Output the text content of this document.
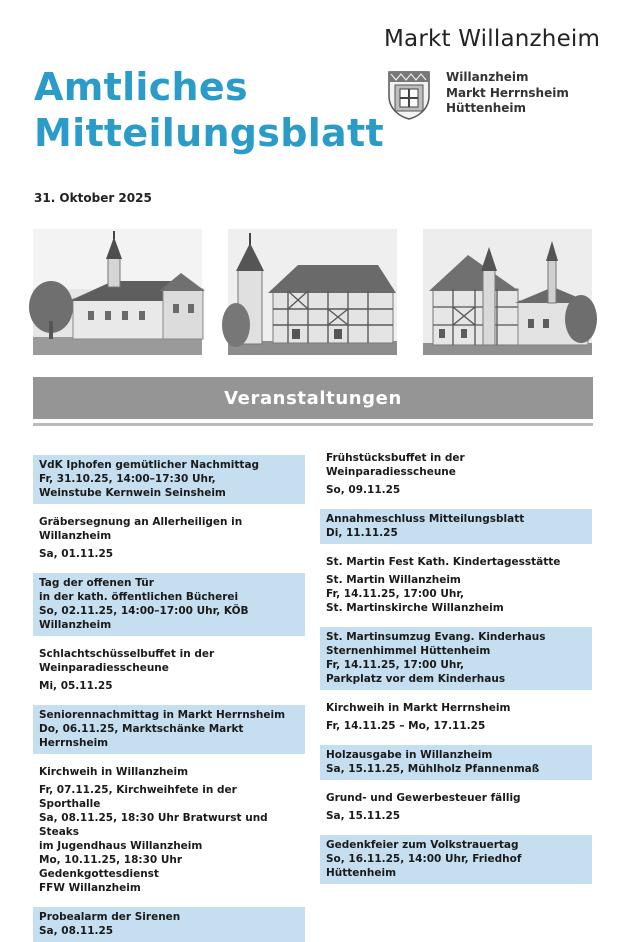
Markt Willanzheim
Willanzheim
Markt Herrnsheim
Hüttenheim
Amtliches
Mitteilungsblatt
31. Oktober 2025
Veranstaltungen
VdK Iphofen gemütlicher Nachmittag
Fr, 31.10.25, 14:00–17:30 Uhr,
Weinstube Kernwein Seinsheim
Gräbersegnung an Allerheiligen in Willanzheim
Sa, 01.11.25
Tag der offenen Tür
in der kath. öffentlichen Bücherei
So, 02.11.25, 14:00–17:00 Uhr, KÖB Willanzheim
Schlachtschüsselbuffet in der Weinparadiesscheune
Mi, 05.11.25
Seniorennachmittag in Markt Herrnsheim
Do, 06.11.25, Marktschänke Markt Herrnsheim
Kirchweih in Willanzheim
Fr, 07.11.25, Kirchweihfete in der Sporthalle
Sa, 08.11.25, 18:30 Uhr Bratwurst und Steaks
im Jugendhaus Willanzheim
Mo, 10.11.25, 18:30 Uhr Gedenkgottesdienst
FFW Willanzheim
Probealarm der Sirenen
Sa, 08.11.25
Frühstücksbuffet in der Weinparadiesscheune
So, 09.11.25
Annahmeschluss Mitteilungsblatt
Di, 11.11.25
St. Martin Fest Kath. Kindertagesstätte
St. Martin Willanzheim
Fr, 14.11.25, 17:00 Uhr,
St. Martinskirche Willanzheim
St. Martinsumzug Evang. Kinderhaus
Sternenhimmel Hüttenheim
Fr, 14.11.25, 17:00 Uhr,
Parkplatz vor dem Kinderhaus
Kirchweih in Markt Herrnsheim
Fr, 14.11.25 – Mo, 17.11.25
Holzausgabe in Willanzheim
Sa, 15.11.25, Mühlholz Pfannenmaß
Grund- und Gewerbesteuer fällig
Sa, 15.11.25
Gedenkfeier zum Volkstrauertag
So, 16.11.25, 14:00 Uhr, Friedhof Hüttenheim
